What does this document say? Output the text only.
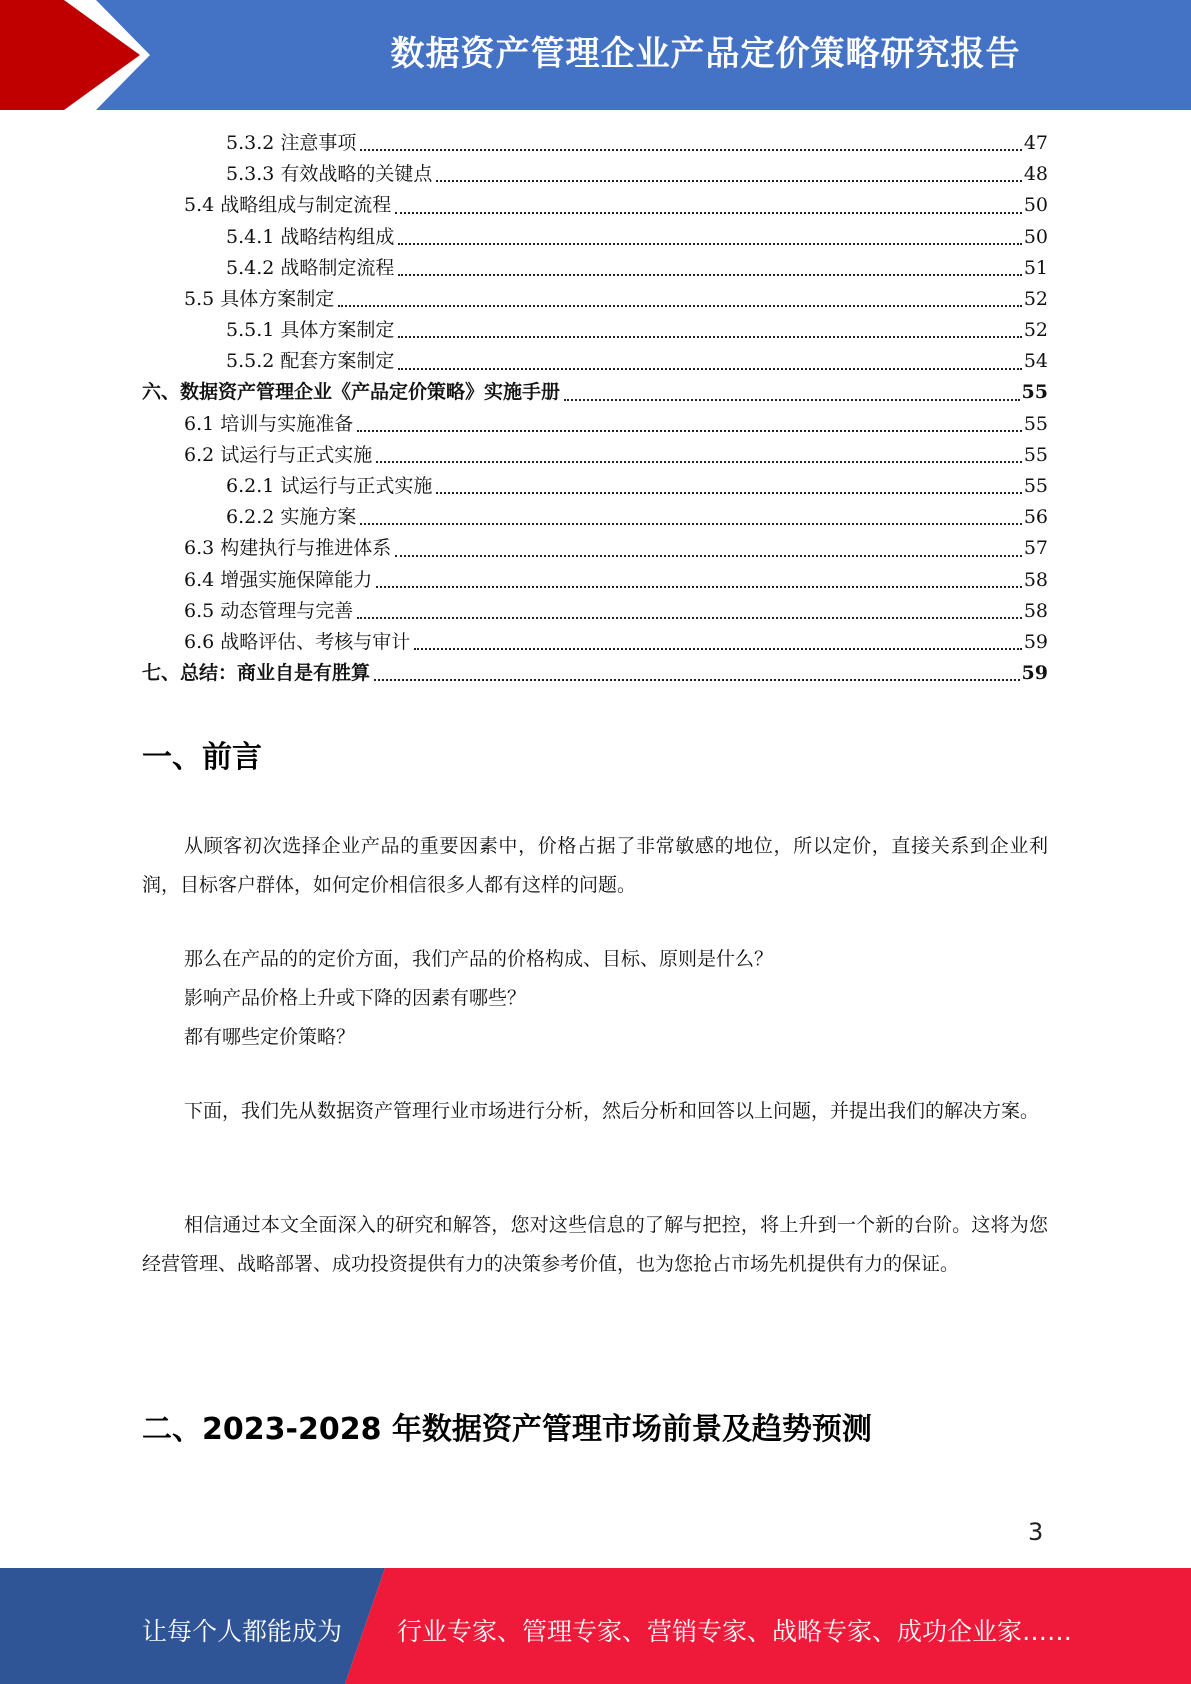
数据资产管理企业产品定价策略研究报告
5.3.2 注意事项	47
5.3.3 有效战略的关键点	48
5.4 战略组成与制定流程	50
5.4.1 战略结构组成	50
5.4.2 战略制定流程	51
5.5 具体方案制定	52
5.5.1 具体方案制定	52
5.5.2 配套方案制定	54
六、数据资产管理企业《产品定价策略》实施手册	55
6.1 培训与实施准备	55
6.2 试运行与正式实施	55
6.2.1 试运行与正式实施	55
6.2.2 实施方案	56
6.3 构建执行与推进体系	57
6.4 增强实施保障能力	58
6.5 动态管理与完善	58
6.6 战略评估、考核与审计	59
七、总结：商业自是有胜算	59
一、前言
从顾客初次选择企业产品的重要因素中，价格占据了非常敏感的地位，所以定价，直接关系到企业利润，目标客户群体，如何定价相信很多人都有这样的问题。
那么在产品的的定价方面，我们产品的价格构成、目标、原则是什么？
影响产品价格上升或下降的因素有哪些？
都有哪些定价策略？
下面，我们先从数据资产管理行业市场进行分析，然后分析和回答以上问题，并提出我们的解决方案。
相信通过本文全面深入的研究和解答，您对这些信息的了解与把控，将上升到一个新的台阶。这将为您经营管理、战略部署、成功投资提供有力的决策参考价值，也为您抢占市场先机提供有力的保证。
二、2023-2028 年数据资产管理市场前景及趋势预测
3
让每个人都能成为 行业专家、管理专家、营销专家、战略专家、成功企业家……
